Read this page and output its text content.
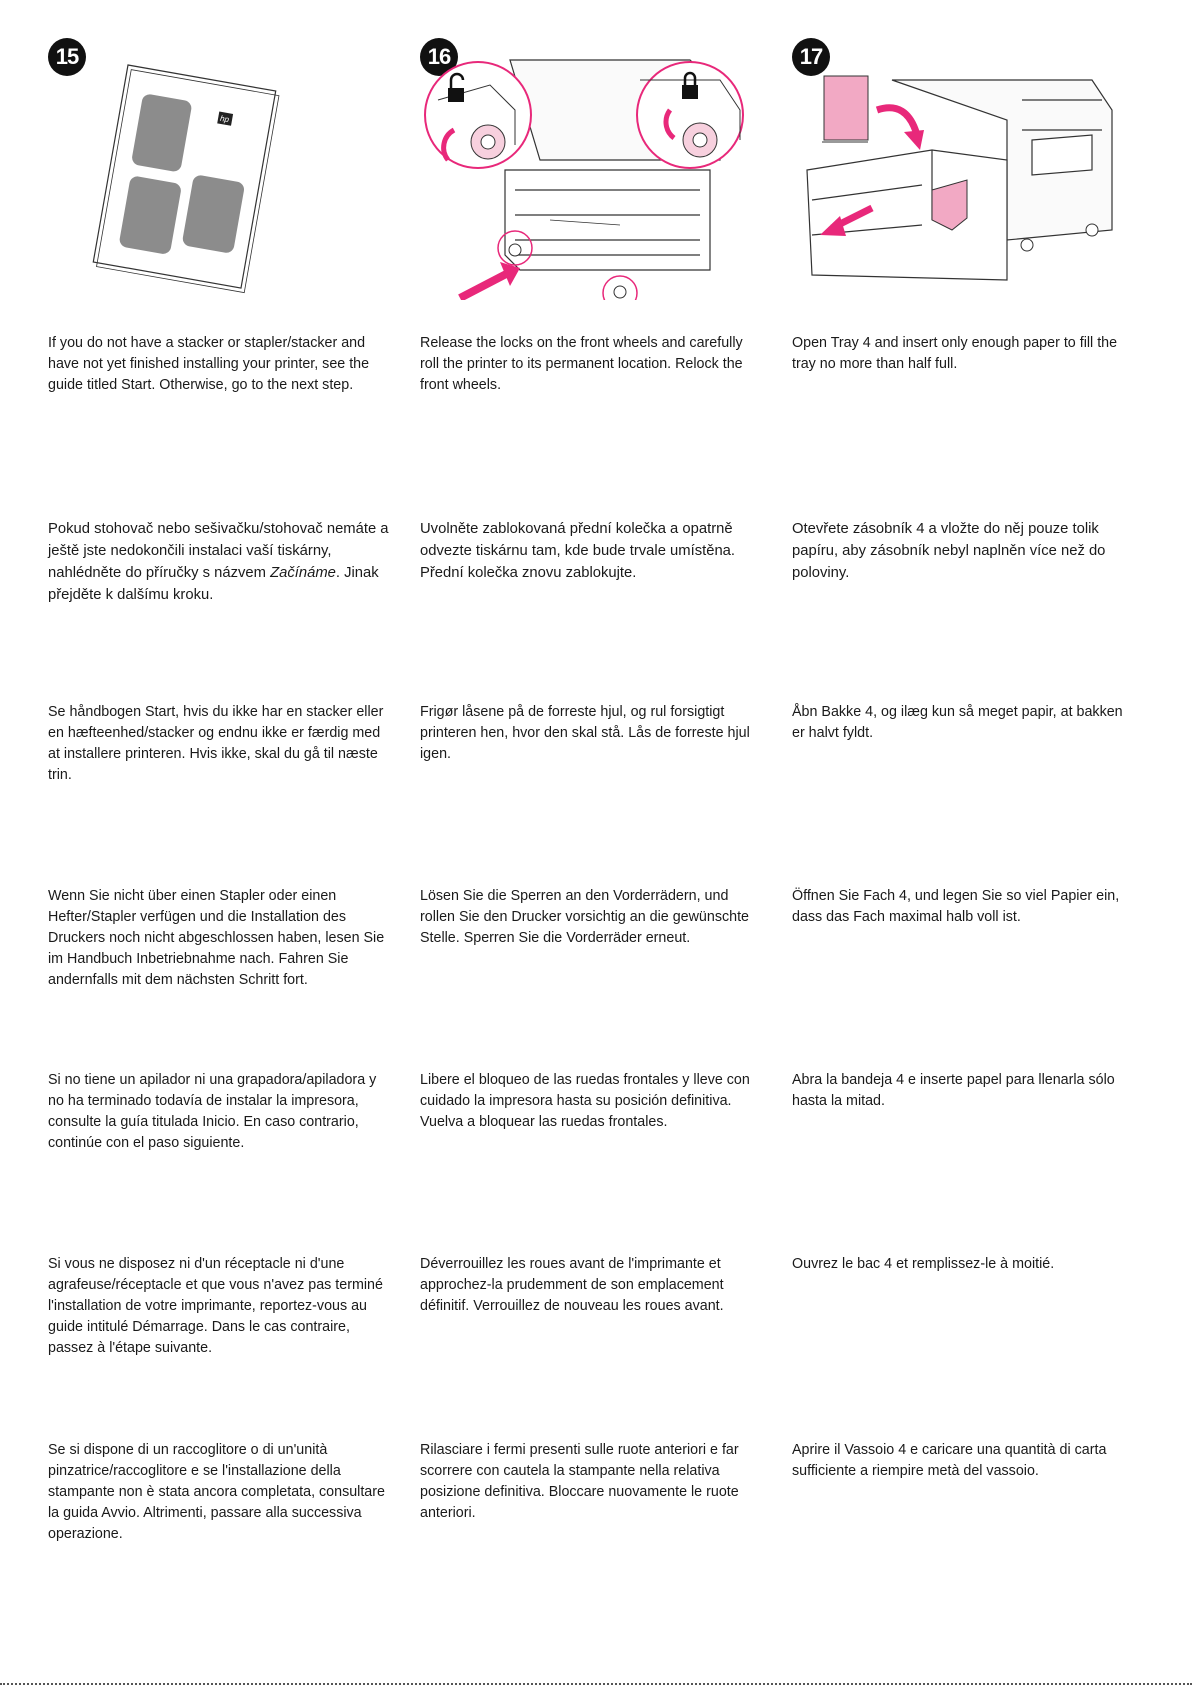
15
hp

If you do not have a stacker or stapler/stacker and have not yet finished installing your printer, see the guide titled Start. Otherwise, go to the next step.

Pokud stohovač nebo sešivačku/stohovač nemáte a ještě jste nedokončili instalaci vaší tiskárny, nahlédněte do příručky s názvem Začínáme. Jinak přejděte k dalšímu kroku.

Se håndbogen Start, hvis du ikke har en stacker eller en hæfteenhed/stacker og endnu ikke er færdig med at installere printeren. Hvis ikke, skal du gå til næste trin.

Wenn Sie nicht über einen Stapler oder einen Hefter/Stapler verfügen und die Installation des Druckers noch nicht abgeschlossen haben, lesen Sie im Handbuch Inbetriebnahme nach. Fahren Sie andernfalls mit dem nächsten Schritt fort.

Si no tiene un apilador ni una grapadora/apiladora y no ha terminado todavía de instalar la impresora, consulte la guía titulada Inicio. En caso contrario, continúe con el paso siguiente.

Si vous ne disposez ni d'un réceptacle ni d'une agrafeuse/réceptacle et que vous n'avez pas terminé l'installation de votre imprimante, reportez-vous au guide intitulé Démarrage. Dans le cas contraire, passez à l'étape suivante.

Se si dispone di un raccoglitore o di un'unità pinzatrice/raccoglitore e se l'installazione della stampante non è stata ancora completata, consultare la guida Avvio. Altrimenti, passare alla successiva operazione.

16

Release the locks on the front wheels and carefully roll the printer to its permanent location. Relock the front wheels.

Uvolněte zablokovaná přední kolečka a opatrně odvezte tiskárnu tam, kde bude trvale umístěna. Přední kolečka znovu zablokujte.

Frigør låsene på de forreste hjul, og rul forsigtigt printeren hen, hvor den skal stå. Lås de forreste hjul igen.

Lösen Sie die Sperren an den Vorderrädern, und rollen Sie den Drucker vorsichtig an die gewünschte Stelle. Sperren Sie die Vorderräder erneut.

Libere el bloqueo de las ruedas frontales y lleve con cuidado la impresora hasta su posición definitiva. Vuelva a bloquear las ruedas frontales.

Déverrouillez les roues avant de l'imprimante et approchez-la prudemment de son emplacement définitif. Verrouillez de nouveau les roues avant.

Rilasciare i fermi presenti sulle ruote anteriori e far scorrere con cautela la stampante nella relativa posizione definitiva. Bloccare nuovamente le ruote anteriori.

17

Open Tray 4 and insert only enough paper to fill the tray no more than half full.

Otevřete zásobník 4 a vložte do něj pouze tolik papíru, aby zásobník nebyl naplněn více než do poloviny.

Åbn Bakke 4, og ilæg kun så meget papir, at bakken er halvt fyldt.

Öffnen Sie Fach 4, und legen Sie so viel Papier ein, dass das Fach maximal halb voll ist.

Abra la bandeja 4 e inserte papel para llenarla sólo hasta la mitad.

Ouvrez le bac 4 et remplissez-le à moitié.

Aprire il Vassoio 4 e caricare una quantità di carta sufficiente a riempire metà del vassoio.
